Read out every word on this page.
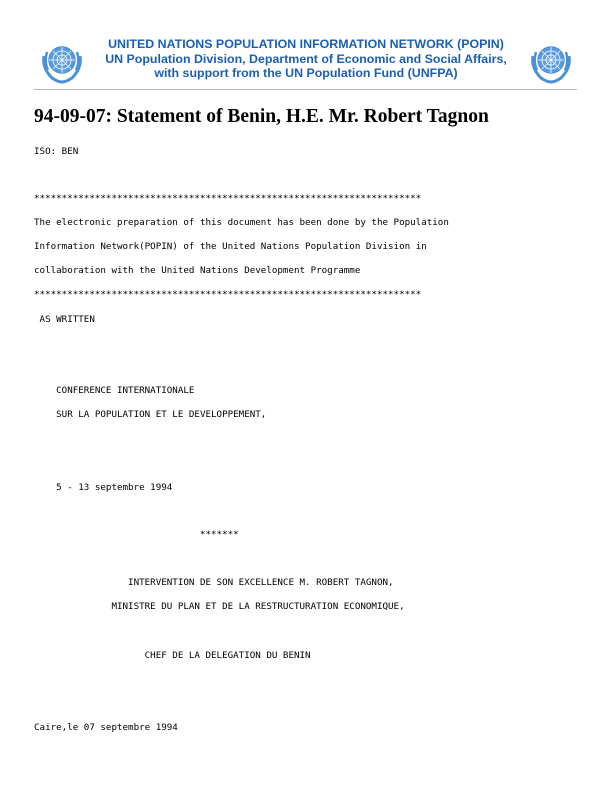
UNITED NATIONS POPULATION INFORMATION NETWORK (POPIN)
UN Population Division, Department of Economic and Social Affairs,
with support from the UN Population Fund (UNFPA)
94-09-07: Statement of Benin, H.E. Mr. Robert Tagnon
ISO: BEN
**********************************************************************
The electronic preparation of this document has been done by the Population
Information Network(POPIN) of the United Nations Population Division in
collaboration with the United Nations Development Programme
**********************************************************************
AS WRITTEN
CONFERENCE INTERNATIONALE
SUR LA POPULATION ET LE DEVELOPPEMENT,
5 - 13 septembre 1994
*******
INTERVENTION DE SON EXCELLENCE M. ROBERT TAGNON,
MINISTRE DU PLAN ET DE LA RESTRUCTURATION ECONOMIQUE,
CHEF DE LA DELEGATION DU BENIN
Caire,le 07 septembre 1994
